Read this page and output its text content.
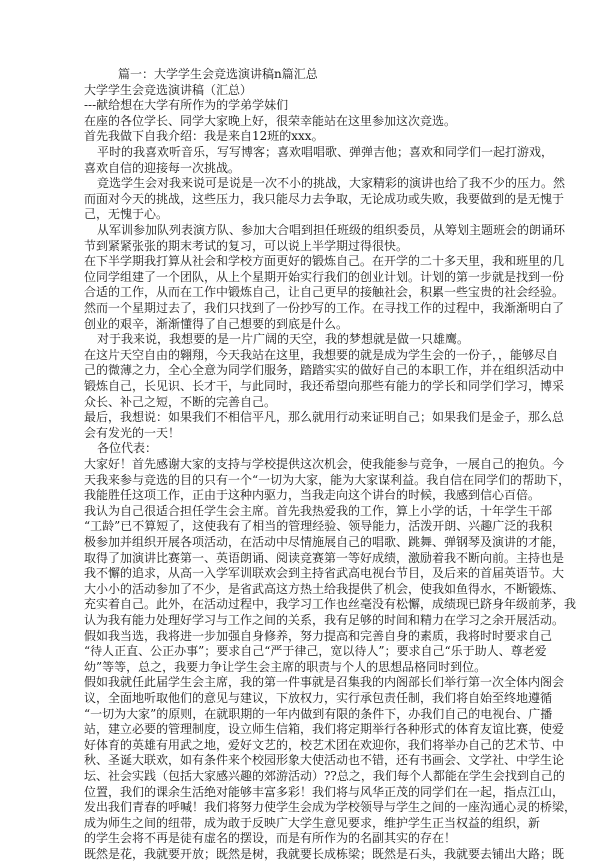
篇一：大学学生会竞选演讲稿n篇汇总
大学学生会竞选演讲稿（汇总）
---献给想在大学有所作为的学弟学妹们
在座的各位学长、同学大家晚上好，很荣幸能站在这里参加这次竞选。
首先我做下自我介绍：我是来自12班的xxx。
平时的我喜欢听音乐，写写博客；喜欢唱唱歌、弹弹吉他；喜欢和同学们一起打游戏，
喜欢自信的迎接每一次挑战。
竞选学生会对我来说可是说是一次不小的挑战，大家精彩的演讲也给了我不少的压力。然
而面对今天的挑战，这些压力，我只能尽力去争取，无论成功或失败，我要做到的是无愧于
己，无愧于心。
从军训参加队列表演方队、参加大合唱到担任班级的组织委员，从筹划主题班会的朗诵环
节到紧紧张张的期末考试的复习，可以说上半学期过得很快。
在下半学期我打算从社会和学校方面更好的锻炼自己。在开学的二十多天里，我和班里的几
位同学组建了一个团队，从上个星期开始实行我们的创业计划。计划的第一步就是找到一份
合适的工作，从而在工作中锻炼自己，让自己更早的接触社会，积累一些宝贵的社会经验。
然而一个星期过去了，我们只找到了一份抄写的工作。在寻找工作的过程中，我渐渐明白了
创业的艰辛，渐渐懂得了自己想要的到底是什么。
对于我来说，我想要的是一片广阔的天空，我的梦想就是做一只雄鹰。
在这片天空自由的翱翔，今天我站在这里，我想要的就是成为学生会的一份子，，能够尽自
己的微薄之力，全心全意为同学们服务，踏踏实实的做好自己的本职工作，并在组织活动中
锻炼自己，长见识、长才干，与此同时，我还希望向那些有能力的学长和同学们学习，博采
众长、补己之短，不断的完善自己。
最后，我想说：如果我们不相信平凡，那么就用行动来证明自己；如果我们是金子，那么总
会有发光的一天！
各位代表：
大家好！首先感谢大家的支持与学校提供这次机会，使我能参与竞争，一展自己的抱负。今
天我来参与竞选的目的只有一个“一切为大家，能为大家谋利益。我自信在同学们的帮助下，
我能胜任这项工作，正由于这种内驱力，当我走向这个讲台的时候，我感到信心百倍。
我认为自己很适合担任学生会主席。首先我热爱我的工作，算上小学的话，十年学生干部
“工龄”已不算短了，这使我有了相当的管理经验、领导能力，活泼开朗、兴趣广泛的我积
极参加并组织开展各项活动，在活动中尽情施展自己的唱歌、跳舞、弹钢琴及演讲的才能，
取得了加演讲比赛第一、英语朗诵、阅读竞赛第一等好成绩，激励着我不断向前。主持也是
我不懈的追求，从高一入学军训联欢会到主持省武高电视台节目，及后来的首届英语节。大
大小小的活动参加了不少，是省武高这方热土给我提供了机会，使我如鱼得水，不断锻炼、
充实着自己。此外，在活动过程中，我学习工作也丝毫没有松懈，成绩现已跻身年级前茅，我
认为我有能力处理好学习与工作之间的关系，我有足够的时间和精力在学习之余开展活动。
假如我当选，我将进一步加强自身修养，努力提高和完善自身的素质，我将时时要求自己
“待人正直、公正办事”；要求自己“严于律己，宽以待人”；要求自己“乐于助人、尊老爱
幼”等等，总之，我要力争让学生会主席的职责与个人的思想品格同时到位。
假如我就任此届学生会主席，我的第一件事就是召集我的内阁部长们举行第一次全体内阁会
议，全面地听取他们的意见与建议，下放权力，实行承包责任制，我们将自始至终地遵循
“一切为大家”的原则，在就职期的一年内做到有限的条件下，办我们自己的电视台、广播
站，建立必要的管理制度，设立师生信箱，我们将定期举行各种形式的体育友谊比赛，使爱
好体育的英雄有用武之地，爱好文艺的，校艺术团在欢迎你，我们将举办自己的艺术节、中
秋、圣诞大联欢，如有条件来个校园形象大使活动也不错，还有书画会、文学社、中学生论
坛、社会实践（包括大家感兴趣的郊游活动）??总之，我们每个人都能在学生会找到自己的
位置，我们的课余生活绝对能够丰富多彩！我们将与风华正茂的同学们在一起，指点江山，
发出我们青春的呼喊！我们将努力使学生会成为学校领导与学生之间的一座沟通心灵的桥梁，
成为师生之间的纽带，成为敢于反映广大学生意见要求，维护学生正当权益的组织，新
的学生会将不再是徒有虚名的摆设，而是有所作为的名副其实的存在！
既然是花，我就要开放；既然是树，我就要长成栋梁；既然是石头，我就要去铺出大路；既
